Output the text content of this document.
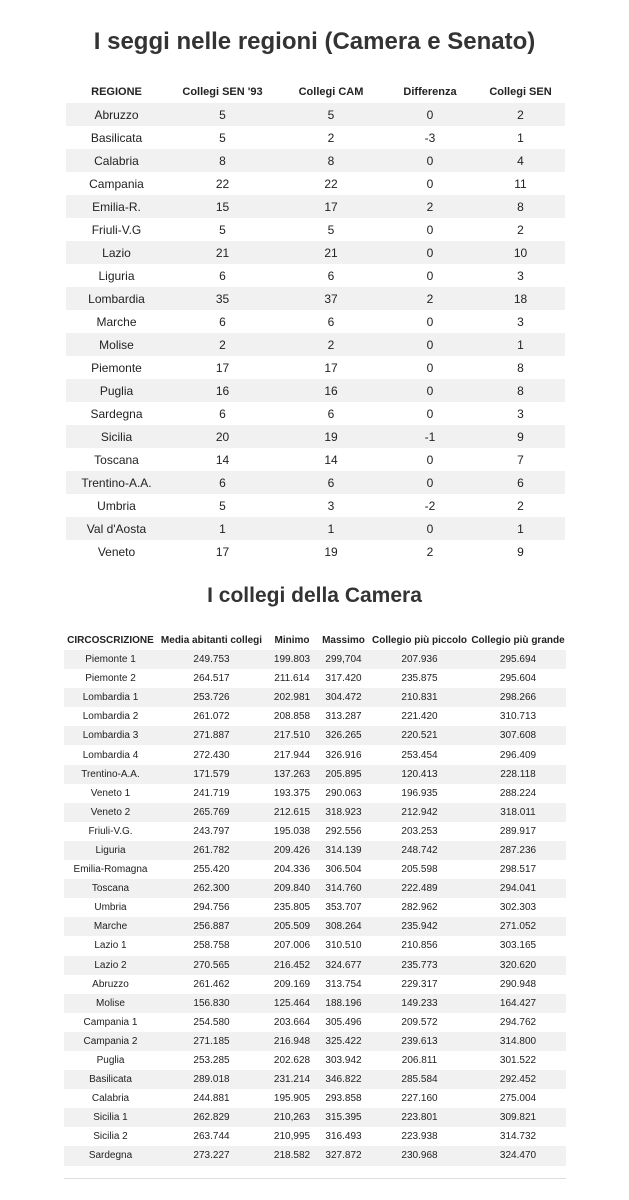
I seggi nelle regioni (Camera e Senato)
REGIONE	Collegi SEN '93	Collegi CAM	Differenza	Collegi SEN
Abruzzo	5	5	0	2
Basilicata	5	2	-3	1
Calabria	8	8	0	4
Campania	22	22	0	11
Emilia-R.	15	17	2	8
Friuli-V.G	5	5	0	2
Lazio	21	21	0	10
Liguria	6	6	0	3
Lombardia	35	37	2	18
Marche	6	6	0	3
Molise	2	2	0	1
Piemonte	17	17	0	8
Puglia	16	16	0	8
Sardegna	6	6	0	3
Sicilia	20	19	-1	9
Toscana	14	14	0	7
Trentino-A.A.	6	6	0	6
Umbria	5	3	-2	2
Val d'Aosta	1	1	0	1
Veneto	17	19	2	9
I collegi della Camera
CIRCOSCRIZIONE	Media abitanti collegi	Minimo	Massimo	Collegio più piccolo	Collegio più grande
Piemonte 1	249.753	199.803	299,704	207.936	295.694
Piemonte 2	264.517	211.614	317.420	235.875	295.604
Lombardia 1	253.726	202.981	304.472	210.831	298.266
Lombardia 2	261.072	208.858	313.287	221.420	310.713
Lombardia 3	271.887	217.510	326.265	220.521	307.608
Lombardia 4	272.430	217.944	326.916	253.454	296.409
Trentino-A.A.	171.579	137.263	205.895	120.413	228.118
Veneto 1	241.719	193.375	290.063	196.935	288.224
Veneto 2	265.769	212.615	318.923	212.942	318.011
Friuli-V.G.	243.797	195.038	292.556	203.253	289.917
Liguria	261.782	209.426	314.139	248.742	287.236
Emilia-Romagna	255.420	204.336	306.504	205.598	298.517
Toscana	262.300	209.840	314.760	222.489	294.041
Umbria	294.756	235.805	353.707	282.962	302.303
Marche	256.887	205.509	308.264	235.942	271.052
Lazio 1	258.758	207.006	310.510	210.856	303.165
Lazio 2	270.565	216.452	324.677	235.773	320.620
Abruzzo	261.462	209.169	313.754	229.317	290.948
Molise	156.830	125.464	188.196	149.233	164.427
Campania 1	254.580	203.664	305.496	209.572	294.762
Campania 2	271.185	216.948	325.422	239.613	314.800
Puglia	253.285	202.628	303.942	206.811	301.522
Basilicata	289.018	231.214	346.822	285.584	292.452
Calabria	244.881	195.905	293.858	227.160	275.004
Sicilia 1	262.829	210,263	315.395	223.801	309.821
Sicilia 2	263.744	210,995	316.493	223.938	314.732
Sardegna	273.227	218.582	327.872	230.968	324.470
